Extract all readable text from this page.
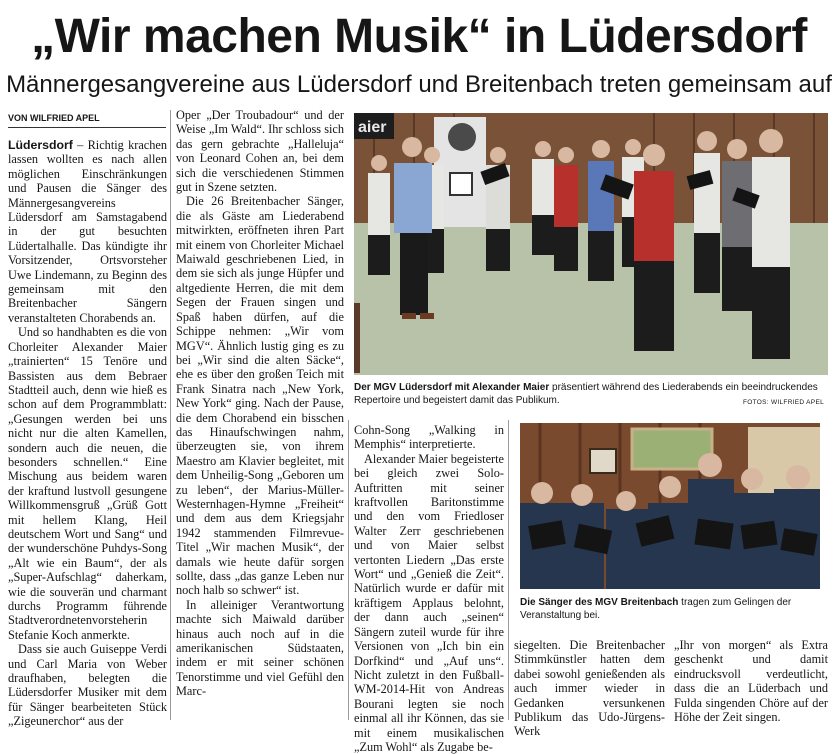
„Wir machen Musik“ in Lüdersdorf
Männergesangvereine aus Lüdersdorf und Breitenbach treten gemeinsam auf
VON WILFRIED APEL

Lüdersdorf – Richtig krachen lassen wollten es nach allen möglichen Einschränkungen und Pausen die Sänger des Männergesangvereins Lüdersdorf am Samstagabend in der gut besuchten Lüdertalhalle. Das kündigte ihr Vorsitzender, Ortsvorsteher Uwe Lindemann, zu Beginn des gemeinsam mit den Breitenbacher Sängern veranstalteten Chorabends an.

Und so handhabten es die von Chorleiter Alexander Maier „trainierten“ 15 Tenöre und Bassisten aus dem Bebraer Stadtteil auch, denn wie hieß es schon auf dem Programmblatt: „Gesungen werden bei uns nicht nur die alten Kamellen, sondern auch die neuen, die besonders schnellen.“ Eine Mischung aus beidem waren der kraftund lustvoll gesungene Willkommensgruß „Grüß Gott mit hellem Klang, Heil deutschem Wort und Sang“ und der wunderschöne Puhdys-Song „Alt wie ein Baum“, der als „Super-Aufschlag“ daherkam, wie die souverän und charmant durchs Programm führende Stadtverordnetenvorsteherin Stefanie Koch anmerkte.

Dass sie auch Guiseppe Verdi und Carl Maria von Weber draufhaben, belegten die Lüdersdorfer Musiker mit dem für Sänger bearbeiteten Stück „Zigeunerchor“ aus der

Oper „Der Troubadour“ und der Weise „Im Wald“. Ihr schloss sich das gern gebrachte „Halleluja“ von Leonard Cohen an, bei dem sich die verschiedenen Stimmen gut in Szene setzten.

Die 26 Breitenbacher Sänger, die als Gäste am Liederabend mitwirkten, eröffneten ihren Part mit einem von Chorleiter Michael Maiwald geschriebenen Lied, in dem sie sich als junge Hüpfer und altgediente Herren, die mit dem Segen der Frauen singen und Spaß haben dürfen, auf die Schippe nehmen: „Wir vom MGV“. Ähnlich lustig ging es zu bei „Wir sind die alten Säcke“, ehe es über den großen Teich mit Frank Sinatra nach „New York, New York“ ging. Nach der Pause, die dem Chorabend ein bisschen das Hinaufschwingen nahm, überzeugten sie, von ihrem Maestro am Klavier begleitet, mit dem Unheilig-Song „Geboren um zu leben“, der Marius-Müller-Westernhagen-Hymne „Freiheit“ und dem aus dem Kriegsjahr 1942 stammenden Filmrevue-Titel „Wir machen Musik“, der damals wie heute dafür sorgen sollte, dass „das ganze Leben nur noch halb so schwer“ ist.

In alleiniger Verantwortung machte sich Maiwald darüber hinaus auch noch auf in die amerikanischen Südstaaten, indem er mit seiner schönen Tenorstimme und viel Gefühl den Marc-

Cohn-Song „Walking in Memphis“ interpretierte.

Alexander Maier begeisterte bei gleich zwei Solo-Auftritten mit seiner kraftvollen Baritonstimme und den vom Friedloser Walter Zerr geschriebenen und von Maier selbst vertonten Liedern „Das erste Wort“ und „Genieß die Zeit“. Natürlich wurde er dafür mit kräftigem Applaus belohnt, der dann auch „seinen“ Sängern zuteil wurde für ihre Versionen von „Ich bin ein Dorfkind“ und „Auf uns“. Nicht zuletzt in den Fußball-WM-2014-Hit von Andreas Bourani legten sie noch einmal all ihr Können, das sie mit einem musikalischen „Zum Wohl“ als Zugabe be-

siegelten. Die Breitenbacher Stimmkünstler hatten dem dabei sowohl genießenden als auch immer wieder in Gedanken versunkenen Publikum das Udo-Jürgens-Werk

„Ihr von morgen“ als Extra geschenkt und damit eindrucksvoll verdeutlicht, dass die an Lüderbach und Fulda singenden Chöre auf der Höhe der Zeit singen.

aier
Der MGV Lüdersdorf mit Alexander Maier präsentiert während des Liederabends ein beeindruckendes Repertoire und begeistert damit das Publikum.	FOTOS: WILFRIED APEL
Die Sänger des MGV Breitenbach tragen zum Gelingen der Veranstaltung bei.
